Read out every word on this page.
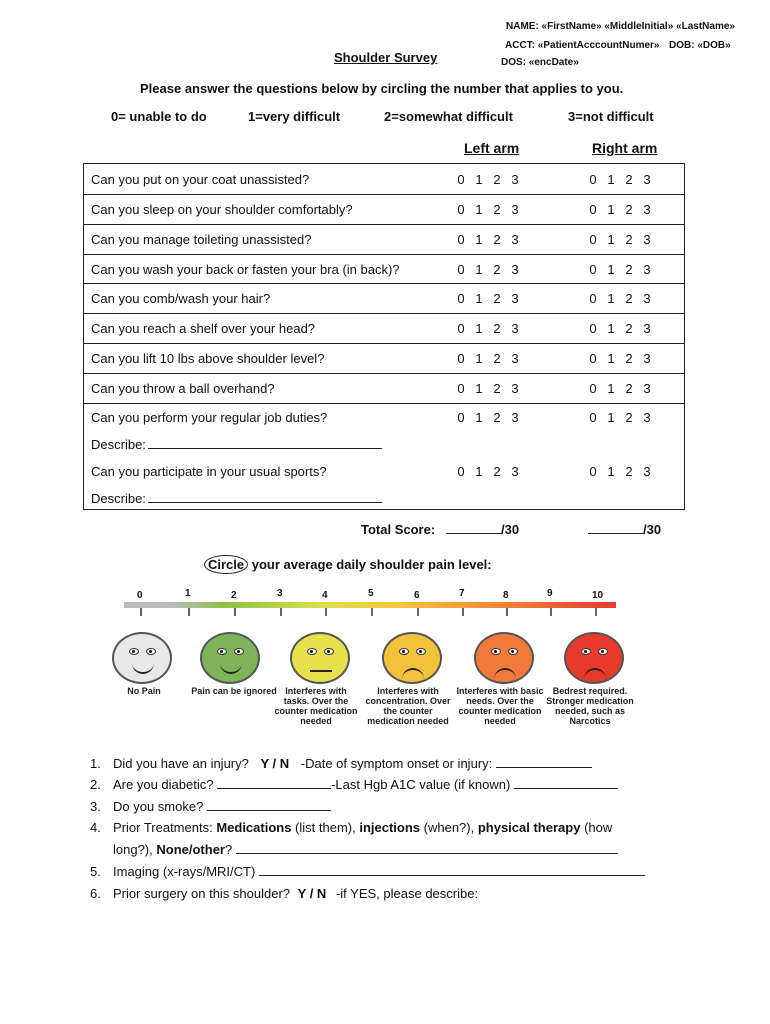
NAME: «FirstName» «MiddleInitial» «LastName»
ACCT: «PatientAcccountNumer» DOB: «DOB»
DOS: «encDate»
Shoulder Survey
Please answer the questions below by circling the number that applies to you.
0= unable to do	1=very difficult	2=somewhat difficult	3=not difficult
Left arm	Right arm
Can you put on your coat unassisted?	0 1 2 3	0 1 2 3
Can you sleep on your shoulder comfortably?	0 1 2 3	0 1 2 3
Can you manage toileting unassisted?	0 1 2 3	0 1 2 3
Can you wash your back or fasten your bra (in back)?	0 1 2 3	0 1 2 3
Can you comb/wash your hair?	0 1 2 3	0 1 2 3
Can you reach a shelf over your head?	0 1 2 3	0 1 2 3
Can you lift 10 lbs above shoulder level?	0 1 2 3	0 1 2 3
Can you throw a ball overhand?	0 1 2 3	0 1 2 3
Can you perform your regular job duties?	0 1 2 3	0 1 2 3
Can you participate in your usual sports?	0 1 2 3	0 1 2 3
Describe:
Describe:
Total Score:	/30	/30
Circle your average daily shoulder pain level:
0	1	2	3	4	5	6	7	8	9	10
No Pain	Pain can be ignored Interferes with tasks. Over the counter medication needed
Interferes with concentration. Over the counter medication needed
Interferes with basic needs. Over the counter medication needed
Bedrest required. Stronger medication needed, such as Narcotics
1. Did you have an injury? Y / N -Date of symptom onset or injury:
2. Are you diabetic?	-Last Hgb A1C value (if known)
3. Do you smoke?
4. Prior Treatments: Medications (list them), injections (when?), physical therapy (how
long?), None/other?
5. Imaging (x-rays/MRI/CT)
6. Prior surgery on this shoulder? Y / N -if YES, please describe:
